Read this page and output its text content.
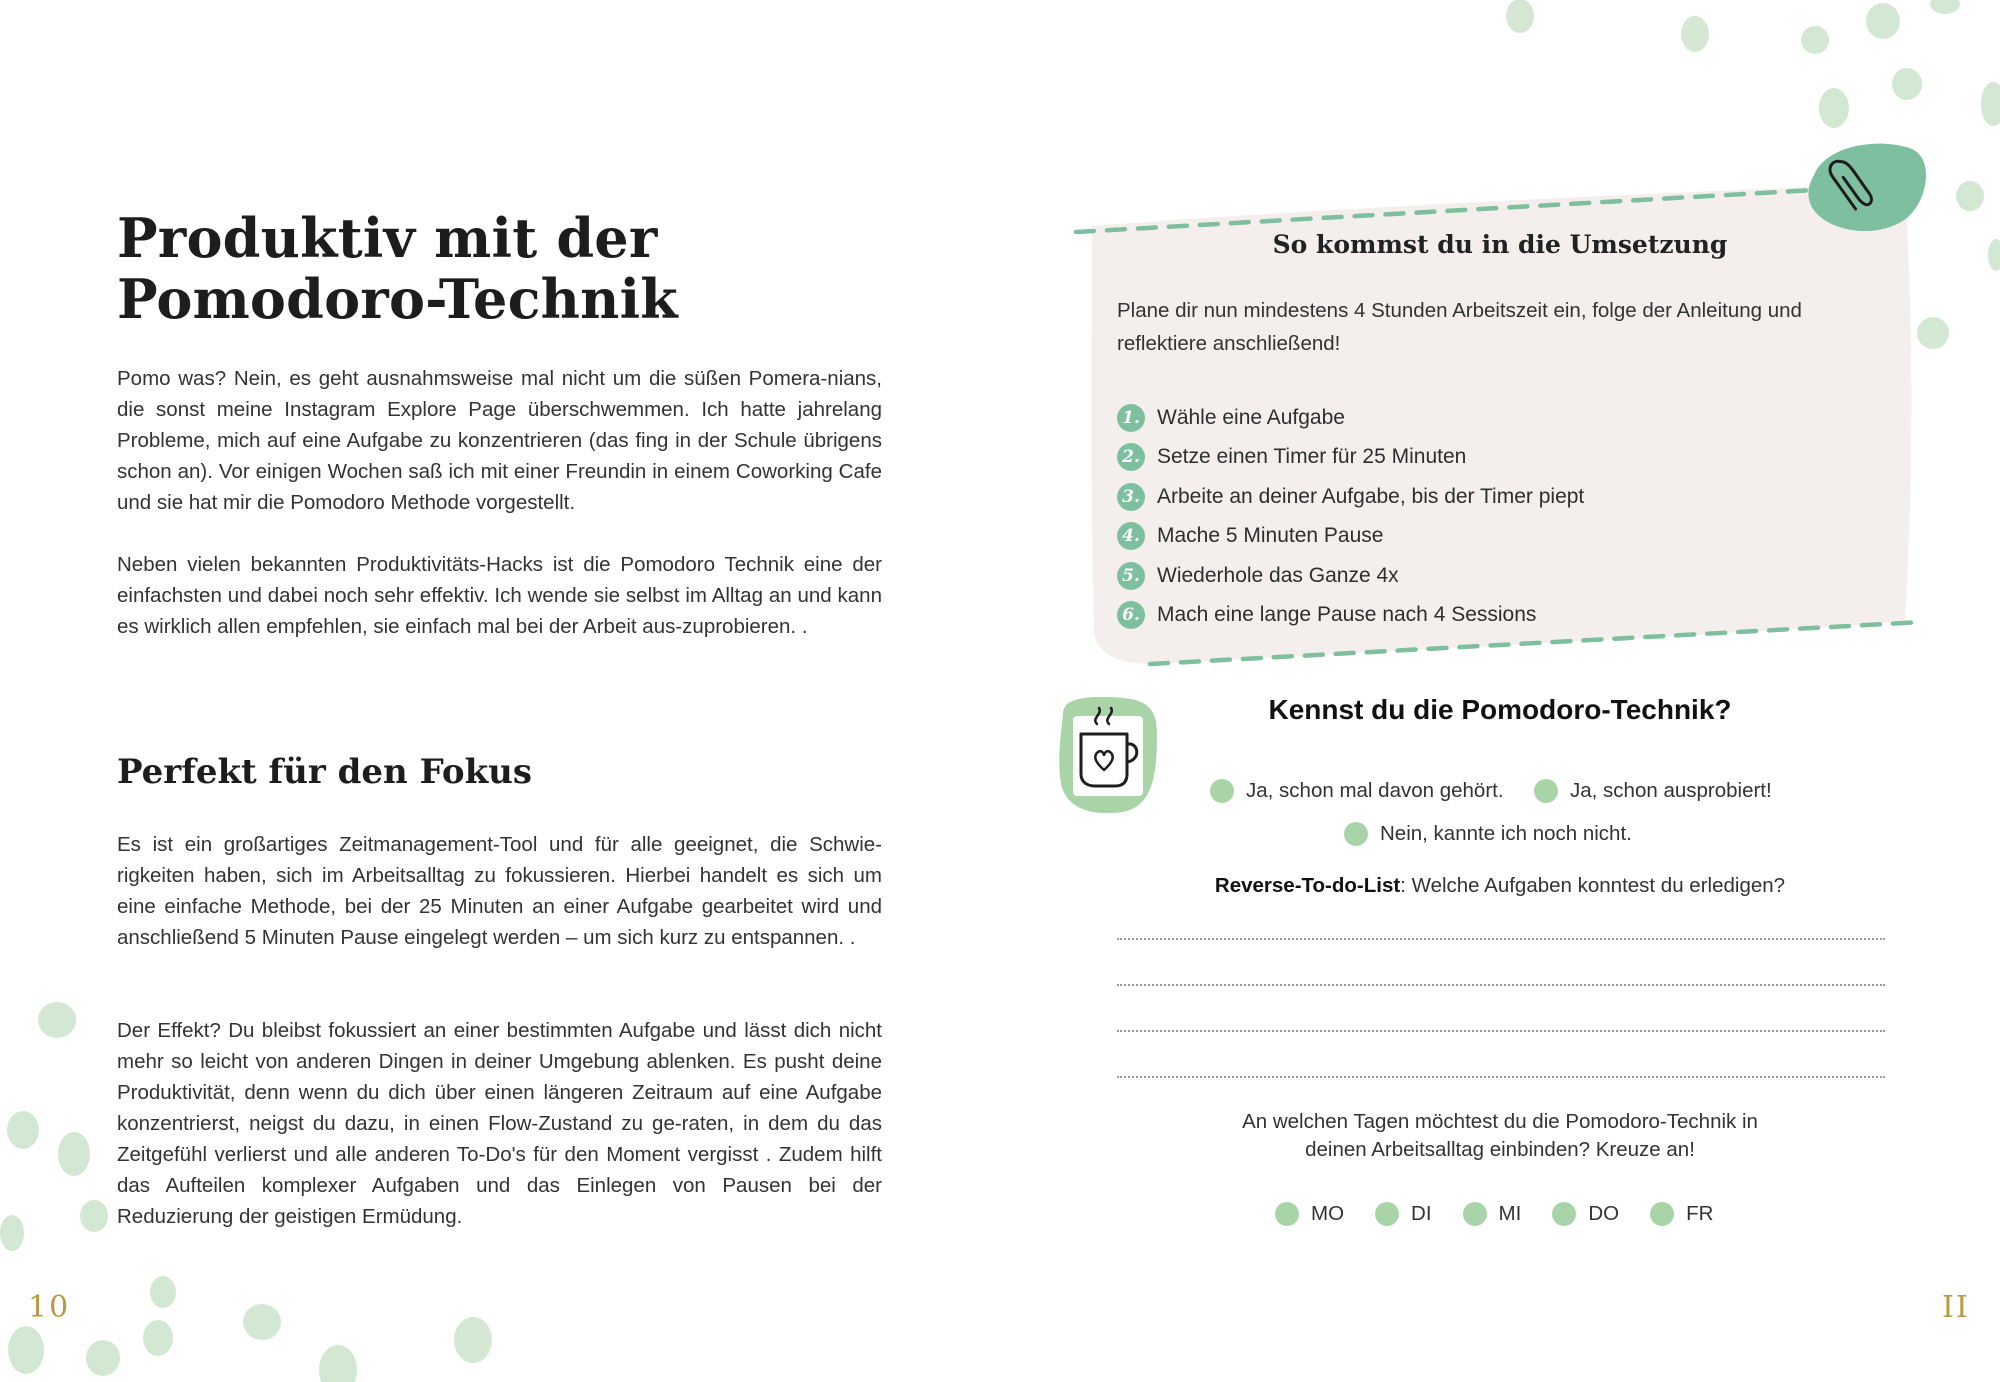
Produktiv mit der
Pomodoro-Technik

Pomo was? Nein, es geht ausnahmsweise mal nicht um die süßen Pomera-nians, die sonst meine Instagram Explore Page überschwemmen. Ich hatte jahrelang Probleme, mich auf eine Aufgabe zu konzentrieren (das fing in der Schule übrigens schon an). Vor einigen Wochen saß ich mit einer Freundin in einem Coworking Cafe und sie hat mir die Pomodoro Methode vorgestellt.

Neben vielen bekannten Produktivitäts-Hacks ist die Pomodoro Technik eine der einfachsten und dabei noch sehr effektiv. Ich wende sie selbst im Alltag an und kann es wirklich allen empfehlen, sie einfach mal bei der Arbeit aus-zuprobieren. .

Perfekt für den Fokus

Es ist ein großartiges Zeitmanagement-Tool und für alle geeignet, die Schwie-rigkeiten haben, sich im Arbeitsalltag zu fokussieren. Hierbei handelt es sich um eine einfache Methode, bei der 25 Minuten an einer Aufgabe gearbeitet wird und anschließend 5 Minuten Pause eingelegt werden – um sich kurz zu entspannen. .

Der Effekt? Du bleibst fokussiert an einer bestimmten Aufgabe und lässt dich nicht mehr so leicht von anderen Dingen in deiner Umgebung ablenken. Es pusht deine Produktivität, denn wenn du dich über einen längeren Zeitraum auf eine Aufgabe konzentrierst, neigst du dazu, in einen Flow-Zustand zu ge-raten, in dem du das Zeitgefühl verlierst und alle anderen To-Do's für den Moment vergisst . Zudem hilft das Aufteilen komplexer Aufgaben und das Einlegen von Pausen bei der Reduzierung der geistigen Ermüdung.

10
So kommst du in die Umsetzung

Plane dir nun mindestens 4 Stunden Arbeitszeit ein, folge der Anleitung und reflektiere anschließend!

1. Wähle eine Aufgabe
2. Setze einen Timer für 25 Minuten
3. Arbeite an deiner Aufgabe, bis der Timer piept
4. Mache 5 Minuten Pause
5. Wiederhole das Ganze 4x
6. Mach eine lange Pause nach 4 Sessions
Kennst du die Pomodoro-Technik?
Ja, schon mal davon gehört.	Ja, schon ausprobiert!
Nein, kannte ich noch nicht.
Reverse-To-do-List: Welche Aufgaben konntest du erledigen?
An welchen Tagen möchtest du die Pomodoro-Technik in
deinen Arbeitsalltag einbinden? Kreuze an!
MO	DI	MI	DO	FR
II
